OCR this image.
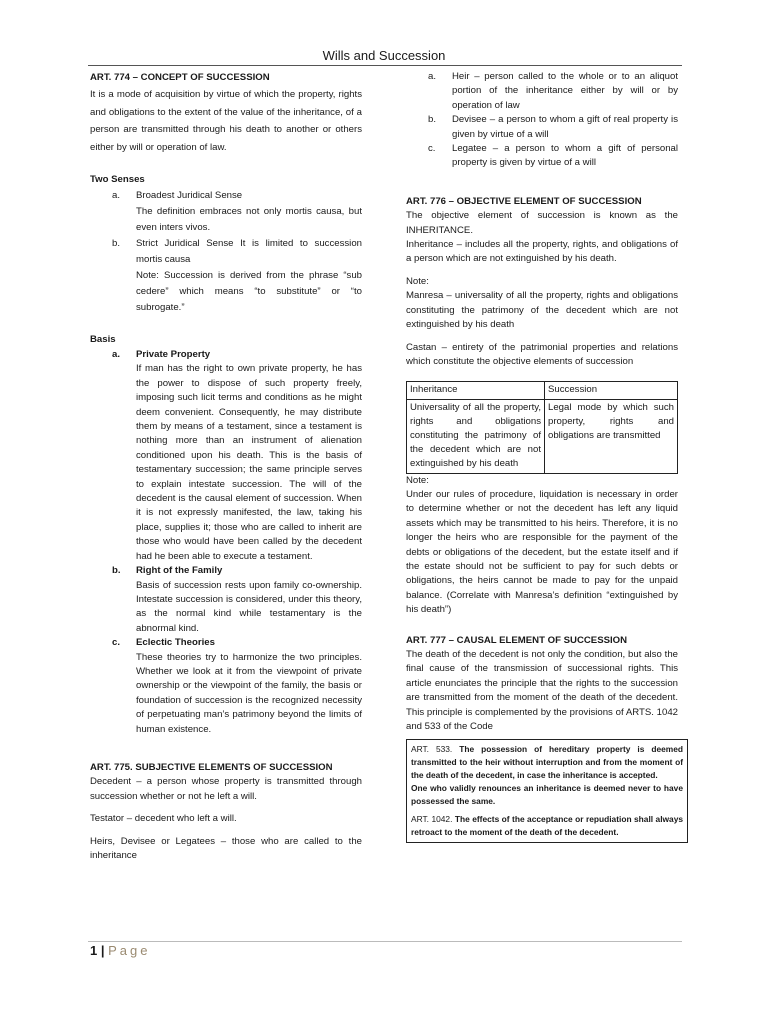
Wills and Succession
ART. 774 – CONCEPT OF SUCCESSION
It is a mode of acquisition by virtue of which the property, rights and obligations to the extent of the value of the inheritance, of a person are transmitted through his death to another or others either by will or operation of law.
Two Senses
a. Broadest Juridical Sense
The definition embraces not only mortis causa, but even inters vivos.
b. Strict Juridical Sense It is limited to succession mortis causa
Note: Succession is derived from the phrase “sub cedere” which means “to substitute” or “to subrogate.”
Basis
a. Private Property
If man has the right to own private property, he has the power to dispose of such property freely, imposing such licit terms and conditions as he might deem convenient. Consequently, he may distribute them by means of a testament, since a testament is nothing more than an instrument of alienation conditioned upon his death. This is the basis of testamentary succession; the same principle serves to explain intestate succession. The will of the decedent is the causal element of succession. When it is not expressly manifested, the law, taking his place, supplies it; those who are called to inherit are those who would have been called by the decedent had he been able to execute a testament.
b. Right of the Family
Basis of succession rests upon family co-ownership. Intestate succession is considered, under this theory, as the normal kind while testamentary is the abnormal kind.
c. Eclectic Theories
These theories try to harmonize the two principles. Whether we look at it from the viewpoint of private ownership or the viewpoint of the family, the basis or foundation of succession is the recognized necessity of perpetuating man’s patrimony beyond the limits of human existence.
ART. 775. SUBJECTIVE ELEMENTS OF SUCCESSION
Decedent – a person whose property is transmitted through succession whether or not he left a will.
Testator – decedent who left a will.
Heirs, Devisee or Legatees – those who are called to the inheritance
a. Heir – person called to the whole or to an aliquot portion of the inheritance either by will or by operation of law
b. Devisee – a person to whom a gift of real property is given by virtue of a will
c. Legatee – a person to whom a gift of personal property is given by virtue of a will
ART. 776 – OBJECTIVE ELEMENT OF SUCCESSION
The objective element of succession is known as the INHERITANCE.
Inheritance – includes all the property, rights, and obligations of a person which are not extinguished by his death.
Note:
Manresa – universality of all the property, rights and obligations constituting the patrimony of the decedent which are not extinguished by his death
Castan – entirety of the patrimonial properties and relations which constitute the objective elements of succession
Inheritance	Succession
Universality of all the property, rights and obligations constituting the patrimony of the decedent which are not extinguished by his death	Legal mode by which such property, rights and obligations are transmitted
Note:
Under our rules of procedure, liquidation is necessary in order to determine whether or not the decedent has left any liquid assets which may be transmitted to his heirs. Therefore, it is no longer the heirs who are responsible for the payment of the debts or obligations of the decedent, but the estate itself and if the estate should not be sufficient to pay for such debts or obligations, the heirs cannot be made to pay for the unpaid balance. (Correlate with Manresa’s definition “extinguished by his death”)
ART. 777 – CAUSAL ELEMENT OF SUCCESSION
The death of the decedent is not only the condition, but also the final cause of the transmission of successional rights. This article enunciates the principle that the rights to the succession are transmitted from the moment of the death of the decedent. This principle is complemented by the provisions of ARTS. 1042 and 533 of the Code
ART. 533. The possession of hereditary property is deemed transmitted to the heir without interruption and from the moment of the death of the decedent, in case the inheritance is accepted.
One who validly renounces an inheritance is deemed never to have possessed the same.
ART. 1042. The effects of the acceptance or repudiation shall always retroact to the moment of the death of the decedent.
1 | Page
